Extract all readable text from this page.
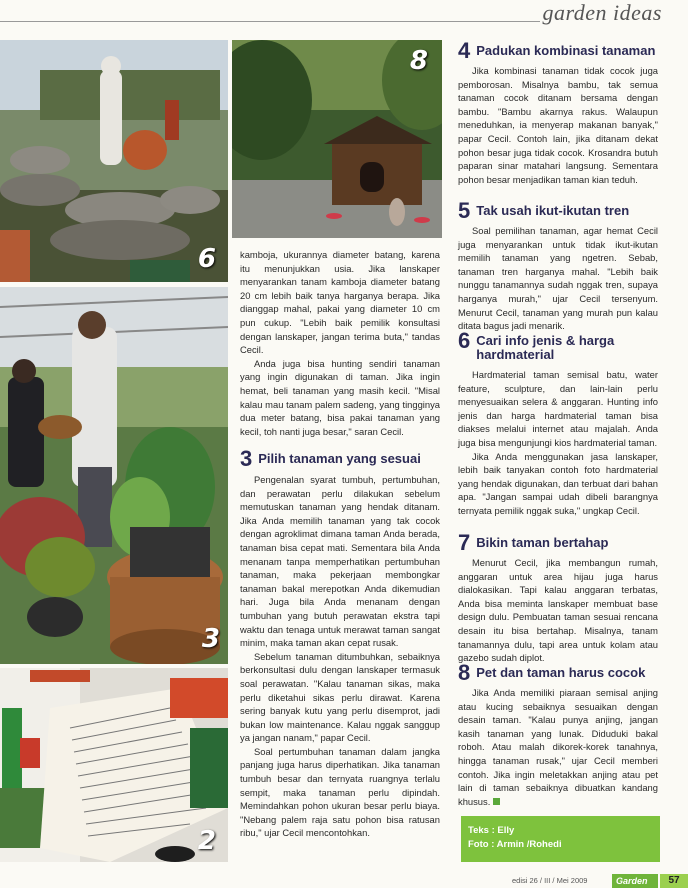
garden ideas
6
8
3
2

kamboja, ukurannya diameter batang, karena itu menunjukkan usia. Jika lanskaper menyarankan tanam kamboja diameter batang 20 cm lebih baik tanya harganya berapa. Jika dianggap mahal, pakai yang diameter 10 cm pun cukup. "Lebih baik pemilik konsultasi dengan lanskaper, jangan terima buta," tandas Cecil.

Anda juga bisa hunting sendiri tanaman yang ingin digunakan di taman. Jika ingin hemat, beli tanaman yang masih kecil. "Misal kalau mau tanam palem sadeng, yang tingginya dua meter batang, bisa pakai tanaman yang kecil, toh nanti juga besar," saran Cecil.

3 Pilih tanaman yang sesuai

Pengenalan syarat tumbuh, pertumbuhan, dan perawatan perlu dilakukan sebelum memutuskan tanaman yang hendak ditanam. Jika Anda memilih tanaman yang tak cocok dengan agroklimat dimana taman Anda berada, tanaman bisa cepat mati. Sementara bila Anda menanam tanpa memperhatikan pertumbuhan tanaman, maka pekerjaan membongkar tanaman bakal merepotkan Anda dikemudian hari. Juga bila Anda menanam dengan tumbuhan yang butuh perawatan ekstra tapi waktu dan tenaga untuk merawat taman sangat minim, maka taman akan cepat rusak.

Sebelum tanaman ditumbuhkan, sebaiknya berkonsultasi dulu dengan lanskaper termasuk soal perawatan. "Kalau tanaman sikas, maka perlu diketahui sikas perlu dirawat. Karena sering banyak kutu yang perlu disemprot, jadi bukan low maintenance. Kalau nggak sanggup ya jangan nanam," papar Cecil.

Soal pertumbuhan tanaman dalam jangka panjang juga harus diperhatikan. Jika tanaman tumbuh besar dan ternyata ruangnya terlalu sempit, maka tanaman perlu dipindah. Memindahkan pohon ukuran besar perlu biaya. "Nebang palem raja satu pohon bisa ratusan ribu," ujar Cecil mencontohkan.

4 Padukan kombinasi tanaman

Jika kombinasi tanaman tidak cocok juga pemborosan. Misalnya bambu, tak semua tanaman cocok ditanam bersama dengan bambu. "Bambu akarnya rakus. Walaupun meneduhkan, ia menyerap makanan banyak," papar Cecil. Contoh lain, jika ditanam dekat pohon besar juga tidak cocok. Krosandra butuh paparan sinar matahari langsung. Sementara pohon besar menjadikan taman kian teduh.

5 Tak usah ikut-ikutan tren

Soal pemilihan tanaman, agar hemat Cecil juga menyarankan untuk tidak ikut-ikutan memilih tanaman yang ngetren. Sebab, tanaman tren harganya mahal. "Lebih baik nunggu tanamannya sudah nggak tren, supaya harganya murah," ujar Cecil tersenyum. Menurut Cecil, tanaman yang murah pun kalau ditata bagus jadi menarik.

6 Cari info jenis & harga hardmaterial

Hardmaterial taman semisal batu, water feature, sculpture, dan lain-lain perlu menyesuaikan selera & anggaran. Hunting info jenis dan harga hardmaterial taman bisa diakses melalui internet atau majalah. Anda juga bisa mengunjungi kios hardmaterial taman.

Jika Anda menggunakan jasa lanskaper, lebih baik tanyakan contoh foto hardmaterial yang hendak digunakan, dan terbuat dari bahan apa. "Jangan sampai udah dibeli barangnya ternyata pemilik nggak suka," ungkap Cecil.

7 Bikin taman bertahap

Menurut Cecil, jika membangun rumah, anggaran untuk area hijau juga harus dialokasikan. Tapi kalau anggaran terbatas, Anda bisa meminta lanskaper membuat base design dulu. Pembuatan taman sesuai rencana desain itu bisa bertahap. Misalnya, tanam tanamannya dulu, tapi area untuk kolam atau gazebo sudah diplot.

8 Pet dan taman harus cocok

Jika Anda memiliki piaraan semisal anjing atau kucing sebaiknya sesuaikan dengan desain taman. "Kalau punya anjing, jangan kasih tanaman yang lunak. Diduduki bakal roboh. Atau malah dikorek-korek tanahnya, hingga tanaman rusak," ujar Cecil memberi contoh. Jika ingin meletakkan anjing atau pet lain di taman sebaiknya dibuatkan kandang khusus.

Teks : Elly
Foto : Armin /Rohedi
edisi 26 / III / Mei 2009	Garden	57
